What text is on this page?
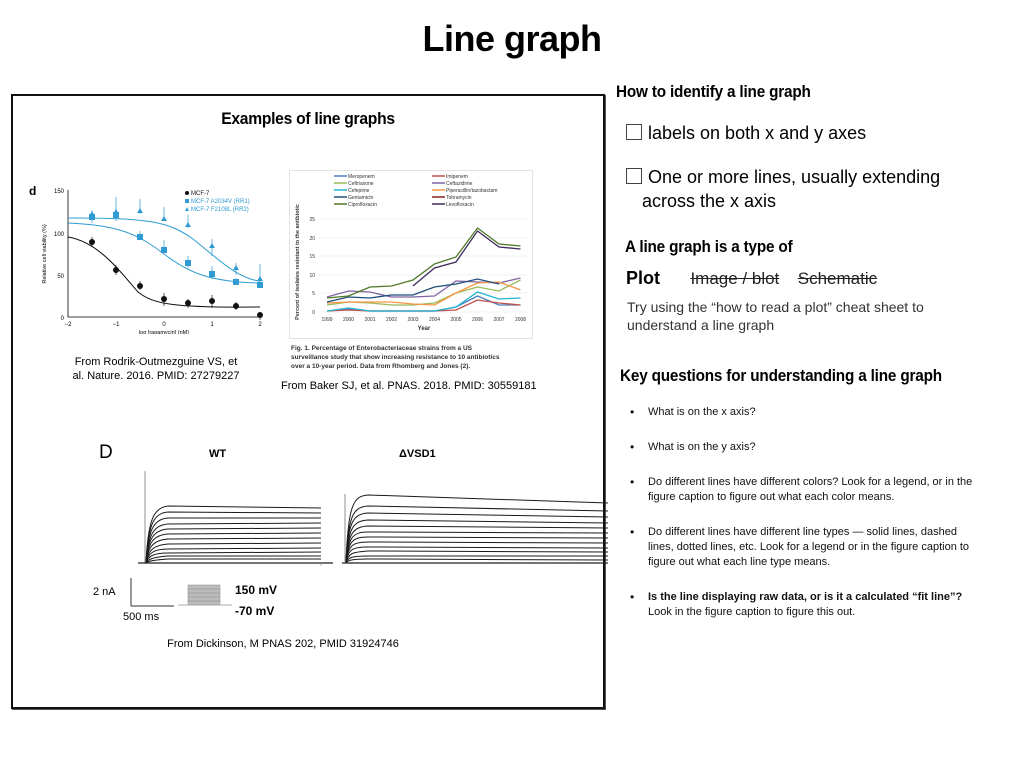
Line graph
Examples of line graphs
d	150
100
50
0
−2	−1	0	1	2
log [rapamycin] (nM)
Relative cell viability (%)
MCF-7
MCF-7 A2034V (RR1)
MCF-7 F2108L (RR2)
From Rodrik-Outmezguine VS, et
al. Nature. 2016. PMID: 27279227
25
20
15
10
5
0
1999 2000 2001 2002 2003 2004 2005 2006 2007 2008
Year
Percent of isolates resistant to the antibiotic
Meropenem
Ceftriaxone
Cefepime
Gentamicin
Ciprofloxacin
Imipenem
Ceftazidime
Piperacillin/tazobactam
Tobramycin
Levofloxacin
Fig. 1. Percentage of Enterobacteriaceae strains from a US
surveillance study that show increasing resistance to 10 antibiotics
over a 10-year period. Data from Rhomberg and Jones (2).
From Baker SJ, et al. PNAS. 2018. PMID: 30559181
D	WT	ΔVSD1
2 nA
500 ms
150 mV
-70 mV
From Dickinson, M PNAS 202, PMID 31924746
How to identify a line graph
labels on both x and y axes
One or more lines, usually extending
across the x axis
A line graph is a type of
Plot Image / blot Schematic
Try using the “how to read a plot” cheat sheet to
understand a line graph
Key questions for understanding a line graph
• What is on the x axis?
• What is on the y axis?
• Do different lines have different colors? Look for a legend, or in the figure caption to figure out what each color means.
• Do different lines have different line types — solid lines, dashed lines, dotted lines, etc. Look for a legend or in the figure caption to figure out what each line type means.
• Is the line displaying raw data, or is it a calculated “fit line”? Look in the figure caption to figure this out.
